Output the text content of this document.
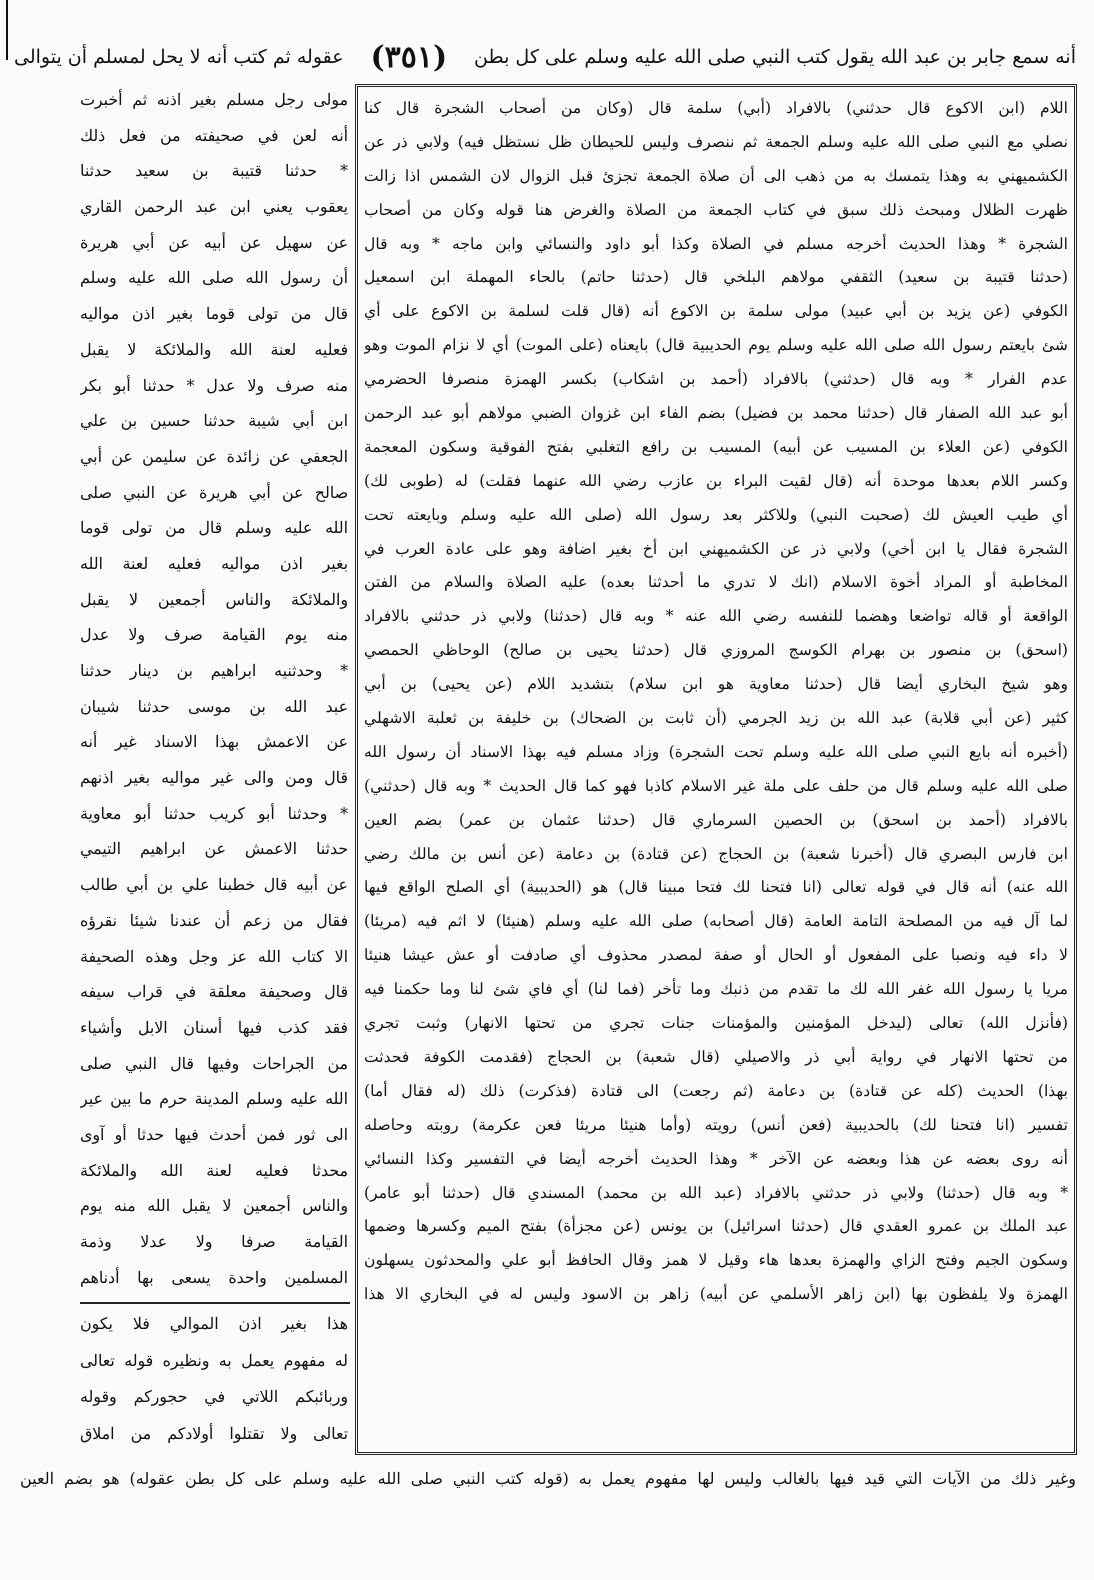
أنه سمع جابر بن عبد الله يقول كتب النبي صلى الله عليه وسلم على كل بطن
(٣٥١)
عقوله ثم كتب أنه لا يحل لمسلم أن يتوالى
اللام (ابن الاكوع قال حدثني) بالافراد (أبي) سلمة قال (وكان من أصحاب الشجرة قال كنا
نصلي مع النبي صلى الله عليه وسلم الجمعة ثم ننصرف وليس للحيطان ظل نستظل فيه) ولابي ذر عن
الكشميهني به وهذا يتمسك به من ذهب الى أن صلاة الجمعة تجزئ قبل الزوال لان الشمس اذا زالت
ظهرت الظلال ومبحث ذلك سبق في كتاب الجمعة من الصلاة والغرض هنا قوله وكان من أصحاب
الشجرة * وهذا الحديث أخرجه مسلم في الصلاة وكذا أبو داود والنسائي وابن ماجه * وبه قال
(حدثنا قتيبة بن سعيد) الثقفي مولاهم البلخي قال (حدثنا حاتم) بالحاء المهملة ابن اسمعيل
الكوفي (عن يزيد بن أبي عبيد) مولى سلمة بن الاكوع أنه (قال قلت لسلمة بن الاكوع على أي
شئ بايعتم رسول الله صلى الله عليه وسلم يوم الحديبية قال) بايعناه (على الموت) أي لا نزام الموت وهو
عدم الفرار * وبه قال (حدثني) بالافراد (أحمد بن اشكاب) بكسر الهمزة منصرفا الحضرمي
أبو عبد الله الصفار قال (حدثنا محمد بن فضيل) بضم الفاء ابن غزوان الضبي مولاهم أبو عبد الرحمن
الكوفي (عن العلاء بن المسيب عن أبيه) المسيب بن رافع التغلبي بفتح الفوقية وسكون المعجمة
وكسر اللام بعدها موحدة أنه (قال لقيت البراء بن عازب رضي الله عنهما فقلت) له (طوبى لك)
أي طيب العيش لك (صحبت النبي) وللاكثر بعد رسول الله (صلى الله عليه وسلم وبايعته تحت
الشجرة فقال يا ابن أخي) ولابي ذر عن الكشميهني ابن أخ بغير اضافة وهو على عادة العرب في
المخاطبة أو المراد أخوة الاسلام (انك لا تدري ما أحدثنا بعده) عليه الصلاة والسلام من الفتن
الواقعة أو قاله تواضعا وهضما للنفسه رضي الله عنه * وبه قال (حدثنا) ولابي ذر حدثني بالافراد
(اسحق) بن منصور بن بهرام الكوسج المروزي قال (حدثنا يحيى بن صالح) الوحاظي الحمصي
وهو شيخ البخاري أيضا قال (حدثنا معاوية هو ابن سلام) بتشديد اللام (عن يحيى) بن أبي
كثير (عن أبي قلابة) عبد الله بن زيد الجرمي (أن ثابت بن الضحاك) بن خليفة بن ثعلبة الاشهلي
(أخبره أنه بايع النبي صلى الله عليه وسلم تحت الشجرة) وزاد مسلم فيه بهذا الاسناد أن رسول الله
صلى الله عليه وسلم قال من حلف على ملة غير الاسلام كاذبا فهو كما قال الحديث * وبه قال (حدثني)
بالافراد (أحمد بن اسحق) بن الحصين السرماري قال (حدثنا عثمان بن عمر) بضم العين
ابن فارس البصري قال (أخبرنا شعبة) بن الحجاج (عن قتادة) بن دعامة (عن أنس بن مالك رضي
الله عنه) أنه قال في قوله تعالى (انا فتحنا لك فتحا مبينا قال) هو (الحديبية) أي الصلح الواقع فيها
لما آل فيه من المصلحة التامة العامة (قال أصحابه) صلى الله عليه وسلم (هنيئا) لا اثم فيه (مريئا)
لا داء فيه ونصبا على المفعول أو الحال أو صفة لمصدر محذوف أي صادفت أو عش عيشا هنيئا
مريا يا رسول الله غفر الله لك ما تقدم من ذنبك وما تأخر (فما لنا) أي فاي شئ لنا وما حكمنا فيه
(فأنزل الله) تعالى (ليدخل المؤمنين والمؤمنات جنات تجري من تحتها الانهار) وثبت تجري
من تحتها الانهار في رواية أبي ذر والاصيلي (قال شعبة) بن الحجاج (فقدمت الكوفة فحدثت
بهذا) الحديث (كله عن قتادة) بن دعامة (ثم رجعت) الى قتادة (فذكرت) ذلك (له فقال أما)
تفسير (انا فتحنا لك) بالحديبية (فعن أنس) رويته (وأما هنيئا مريئا فعن عكرمة) روبته وحاصله
أنه روى بعضه عن هذا وبعضه عن الآخر * وهذا الحديث أخرجه أيضا في التفسير وكذا النسائي
* وبه قال (حدثنا) ولابي ذر حدثني بالافراد (عبد الله بن محمد) المسندي قال (حدثنا أبو عامر)
عبد الملك بن عمرو العقدي قال (حدثنا اسرائيل) بن يونس (عن مجزأة) بفتح الميم وكسرها وضمها
وسكون الجيم وفتح الزاي والهمزة بعدها هاء وقيل لا همز وقال الحافظ أبو علي والمحدثون يسهلون
الهمزة ولا يلفظون بها (ابن زاهر الأسلمي عن أبيه) زاهر بن الاسود وليس له في البخاري الا هذا
مولى رجل مسلم بغير اذنه ثم أخبرت
أنه لعن في صحيفته من فعل ذلك
* حدثنا قتيبة بن سعيد حدثنا
يعقوب يعني ابن عبد الرحمن القاري
عن سهيل عن أبيه عن أبي هريرة
أن رسول الله صلى الله عليه وسلم
قال من تولى قوما بغير اذن مواليه
فعليه لعنة الله والملائكة لا يقبل
منه صرف ولا عدل * حدثنا أبو بكر
ابن أبي شيبة حدثنا حسين بن علي
الجعفي عن زائدة عن سليمن عن أبي
صالح عن أبي هريرة عن النبي صلى
الله عليه وسلم قال من تولى قوما
بغير اذن مواليه فعليه لعنة الله
والملائكة والناس أجمعين لا يقبل
منه يوم القيامة صرف ولا عدل
* وحدثنيه ابراهيم بن دينار حدثنا
عبد الله بن موسى حدثنا شيبان
عن الاعمش بهذا الاسناد غير أنه
قال ومن والى غير مواليه بغير اذنهم
* وحدثنا أبو كريب حدثنا أبو معاوية
حدثنا الاعمش عن ابراهيم التيمي
عن أبيه قال خطبنا علي بن أبي طالب
فقال من زعم أن عندنا شيئا نقرؤه
الا كتاب الله عز وجل وهذه الصحيفة
قال وصحيفة معلقة في قراب سيفه
فقد كذب فيها أسنان الابل وأشياء
من الجراحات وفيها قال النبي صلى
الله عليه وسلم المدينة حرم ما بين عير
الى ثور فمن أحدث فيها حدثا أو آوى
محدثا فعليه لعنة الله والملائكة
والناس أجمعين لا يقبل الله منه يوم
القيامة صرفا ولا عدلا وذمة
المسلمين واحدة يسعى بها أدناهم
هذا بغير اذن الموالي فلا يكون
له مفهوم يعمل به ونظيره قوله تعالى
وربائبكم اللاتي في حجوركم وقوله
تعالى ولا تقتلوا أولادكم من املاق
وغير ذلك من الآيات التي قيد فيها بالغالب وليس لها مفهوم يعمل به (قوله كتب النبي صلى الله عليه وسلم على كل بطن عقوله) هو بضم العين
